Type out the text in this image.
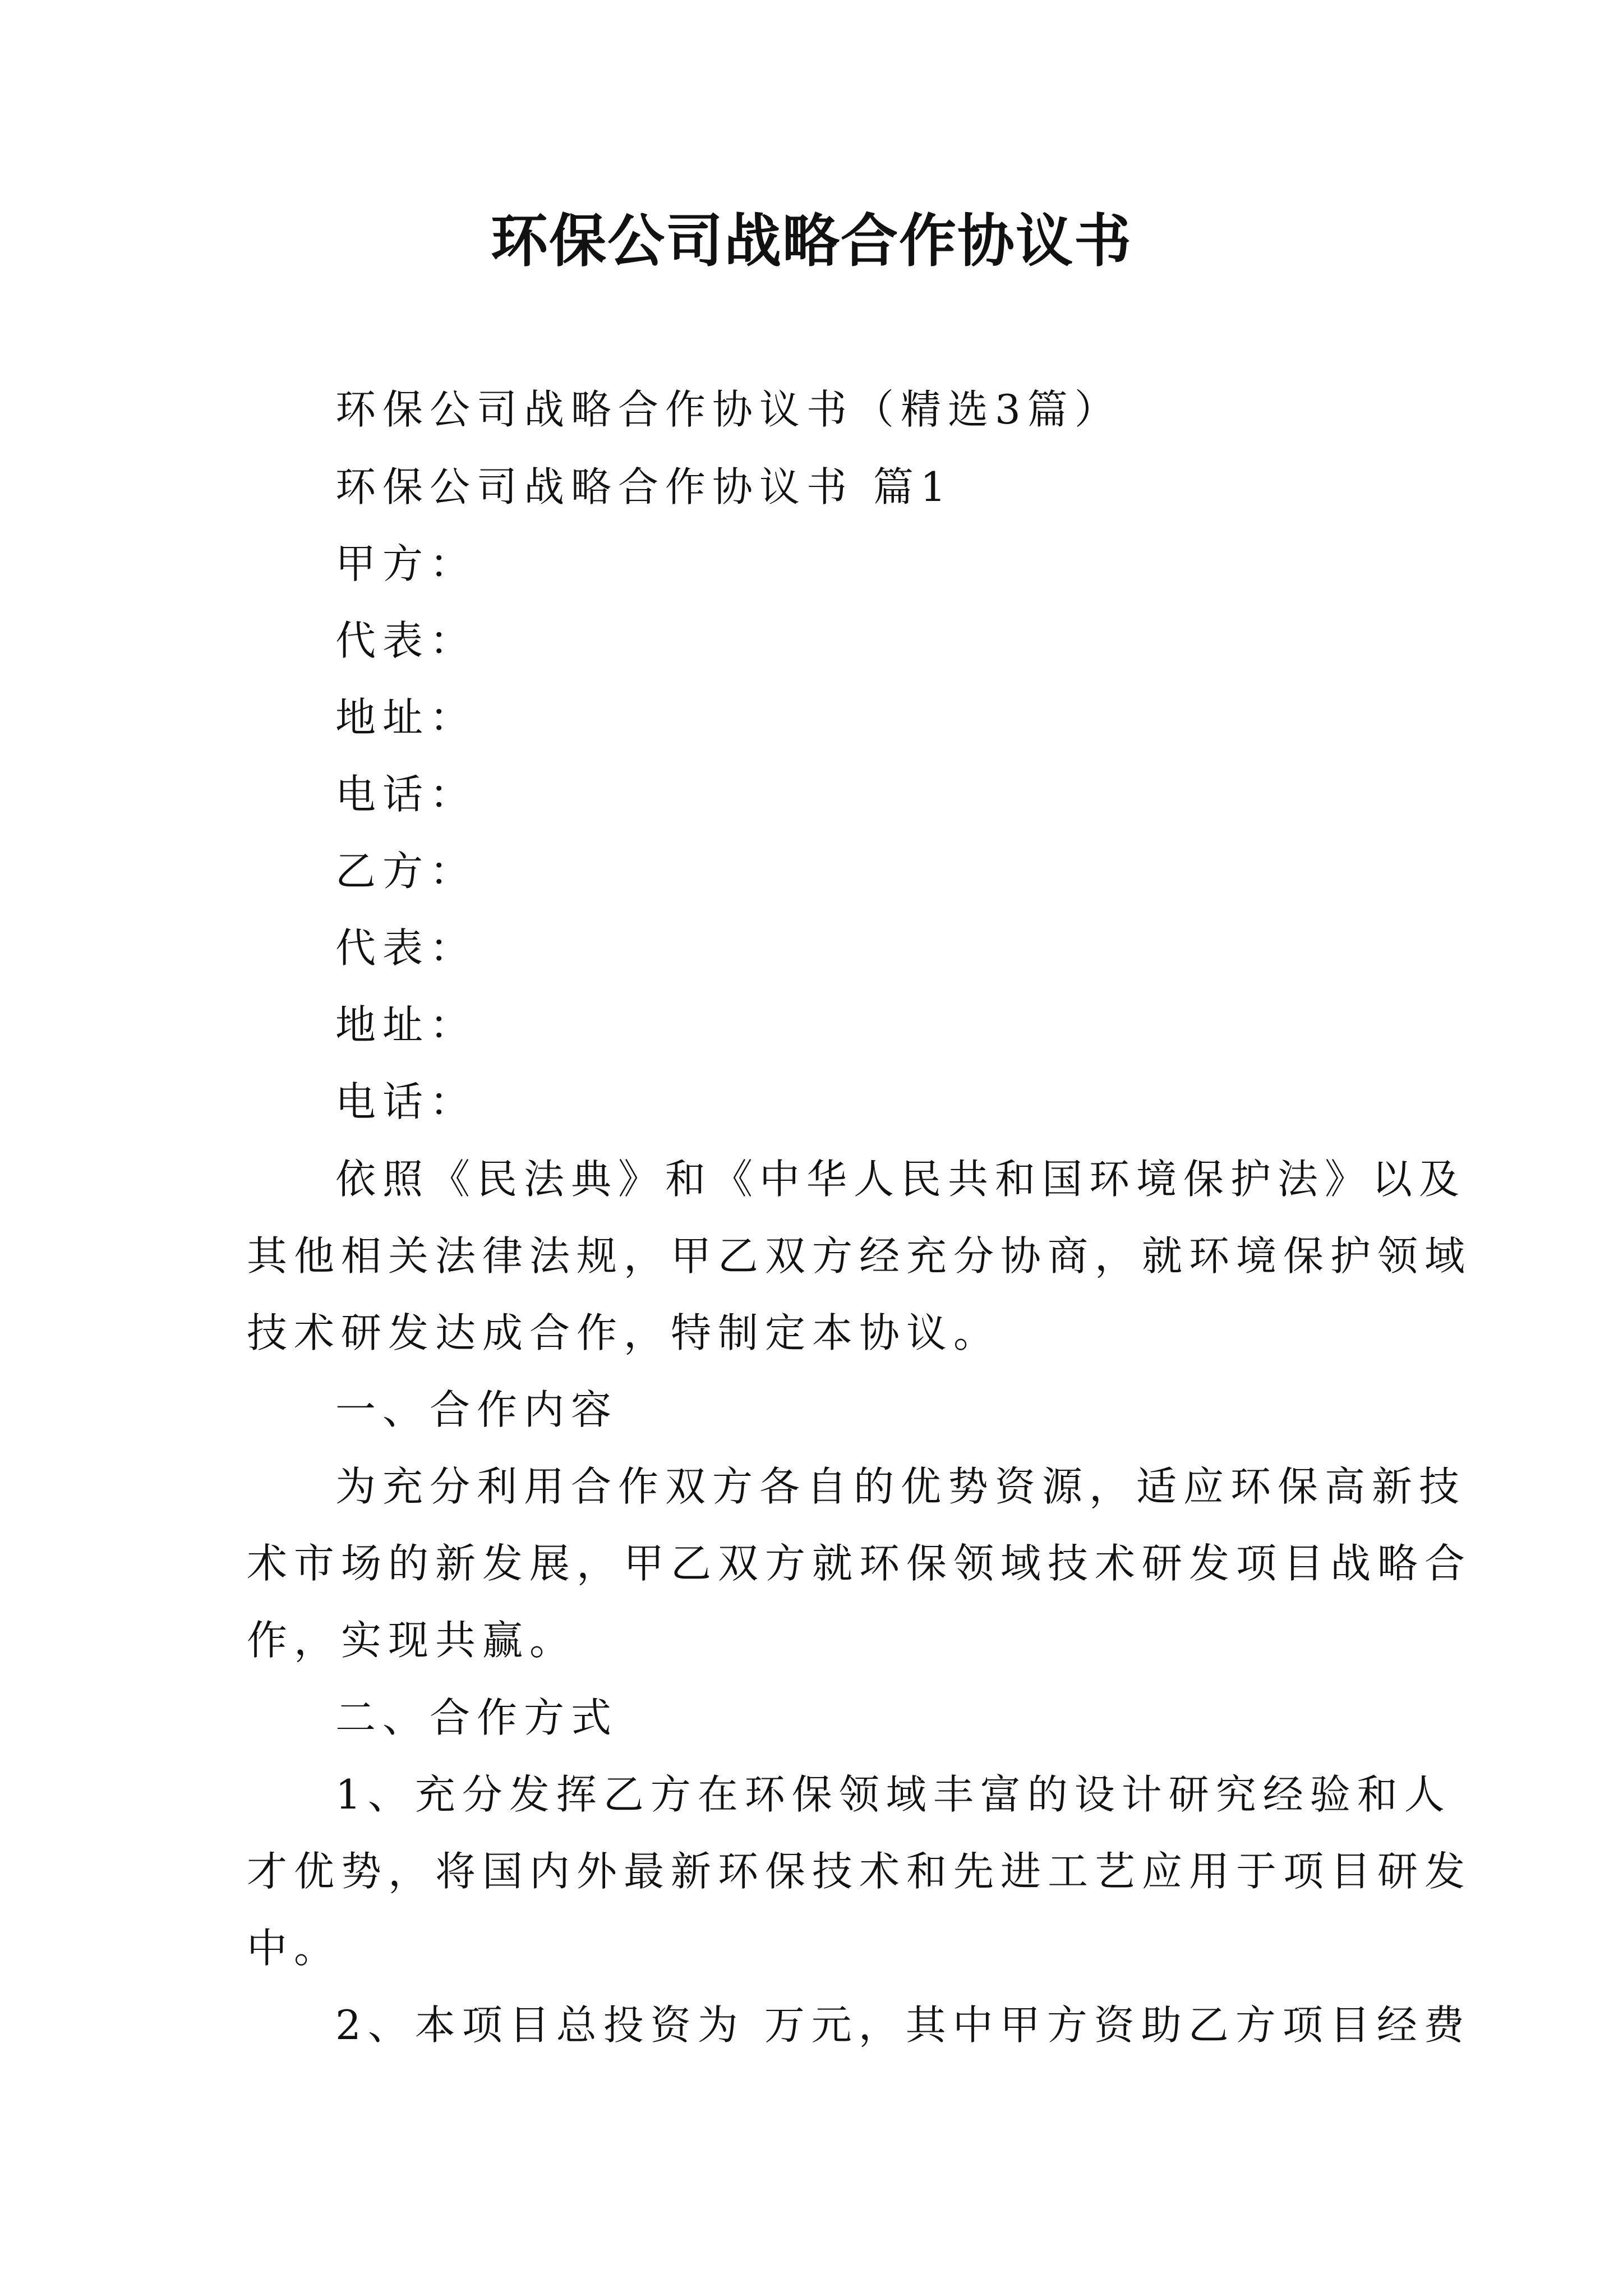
环保公司战略合作协议书
环保公司战略合作协议书（精选3篇）
环保公司战略合作协议书 篇1
甲方：
代表：
地址：
电话：
乙方：
代表：
地址：
电话：
依照《民法典》和《中华人民共和国环境保护法》以及
其他相关法律法规，甲乙双方经充分协商，就环境保护领域
技术研发达成合作，特制定本协议。
一、合作内容
为充分利用合作双方各自的优势资源，适应环保高新技
术市场的新发展，甲乙双方就环保领域技术研发项目战略合
作，实现共赢。
二、合作方式
1、充分发挥乙方在环保领域丰富的设计研究经验和人
才优势，将国内外最新环保技术和先进工艺应用于项目研发
中。
2、本项目总投资为 万元，其中甲方资助乙方项目经费
